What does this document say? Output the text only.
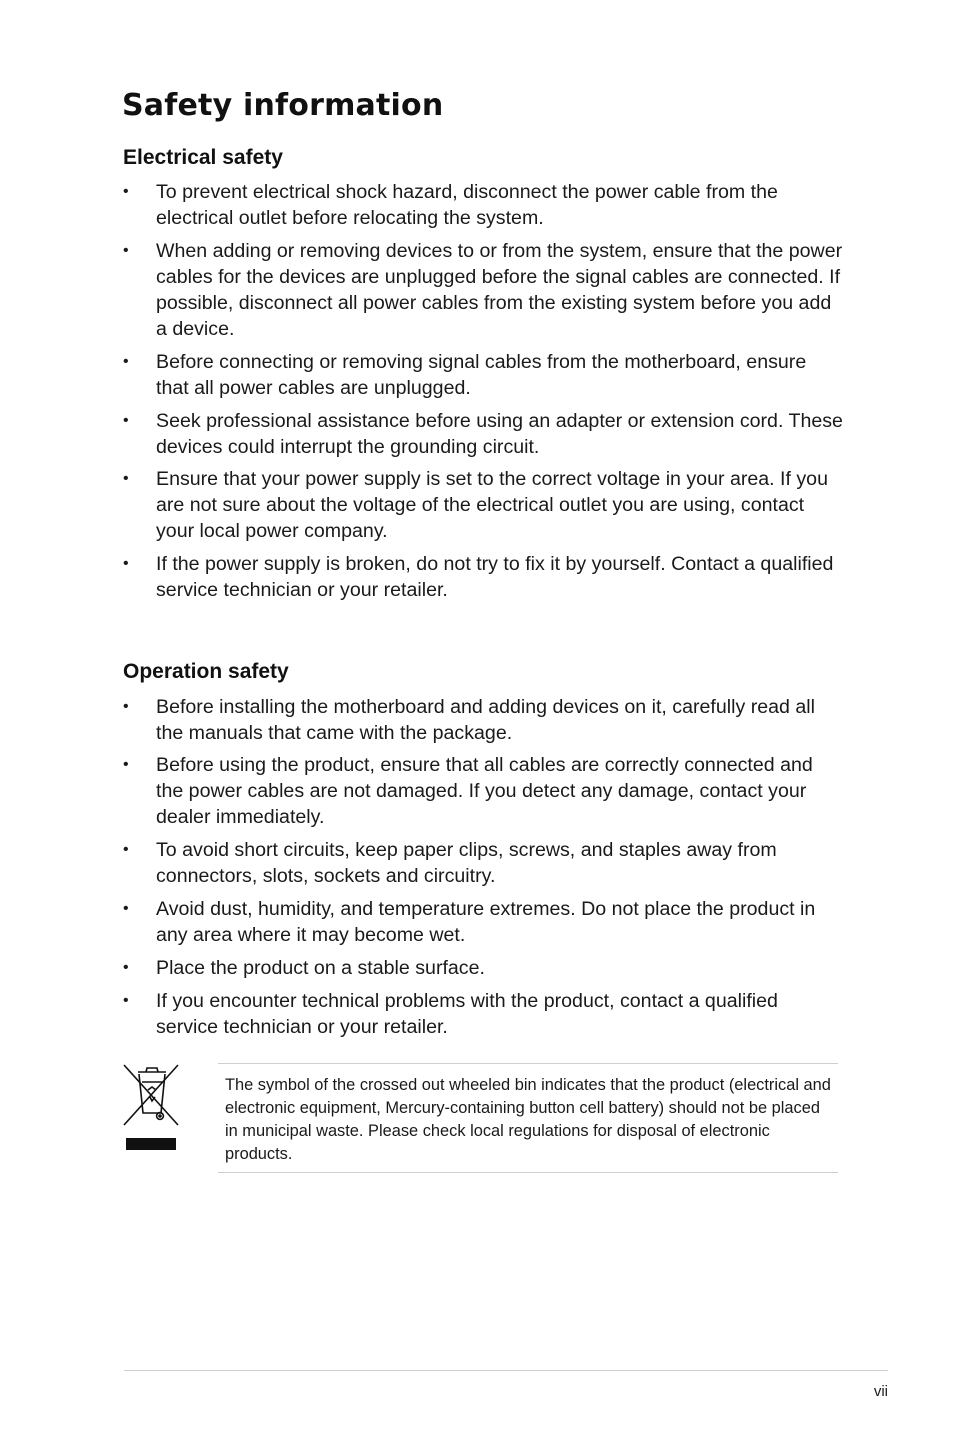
Safety information
Electrical safety
•	To prevent electrical shock hazard, disconnect the power cable from the electrical outlet before relocating the system.
•	When adding or removing devices to or from the system, ensure that the power cables for the devices are unplugged before the signal cables are connected. If possible, disconnect all power cables from the existing system before you add a device.
•	Before connecting or removing signal cables from the motherboard, ensure that all power cables are unplugged.
•	Seek professional assistance before using an adapter or extension cord. These devices could interrupt the grounding circuit.
•	Ensure that your power supply is set to the correct voltage in your area. If you are not sure about the voltage of the electrical outlet you are using, contact your local power company.
•	If the power supply is broken, do not try to fix it by yourself. Contact a qualified service technician or your retailer.
Operation safety
•	Before installing the motherboard and adding devices on it, carefully read all the manuals that came with the package.
•	Before using the product, ensure that all cables are correctly connected and the power cables are not damaged. If you detect any damage, contact your dealer immediately.
•	To avoid short circuits, keep paper clips, screws, and staples away from connectors, slots, sockets and circuitry.
•	Avoid dust, humidity, and temperature extremes. Do not place the product in any area where it may become wet.
•	Place the product on a stable surface.
•	If you encounter technical problems with the product, contact a qualified service technician or your retailer.
The symbol of the crossed out wheeled bin indicates that the product (electrical and electronic equipment, Mercury-containing button cell battery) should not be placed in municipal waste. Please check local regulations for disposal of electronic products.
vii
